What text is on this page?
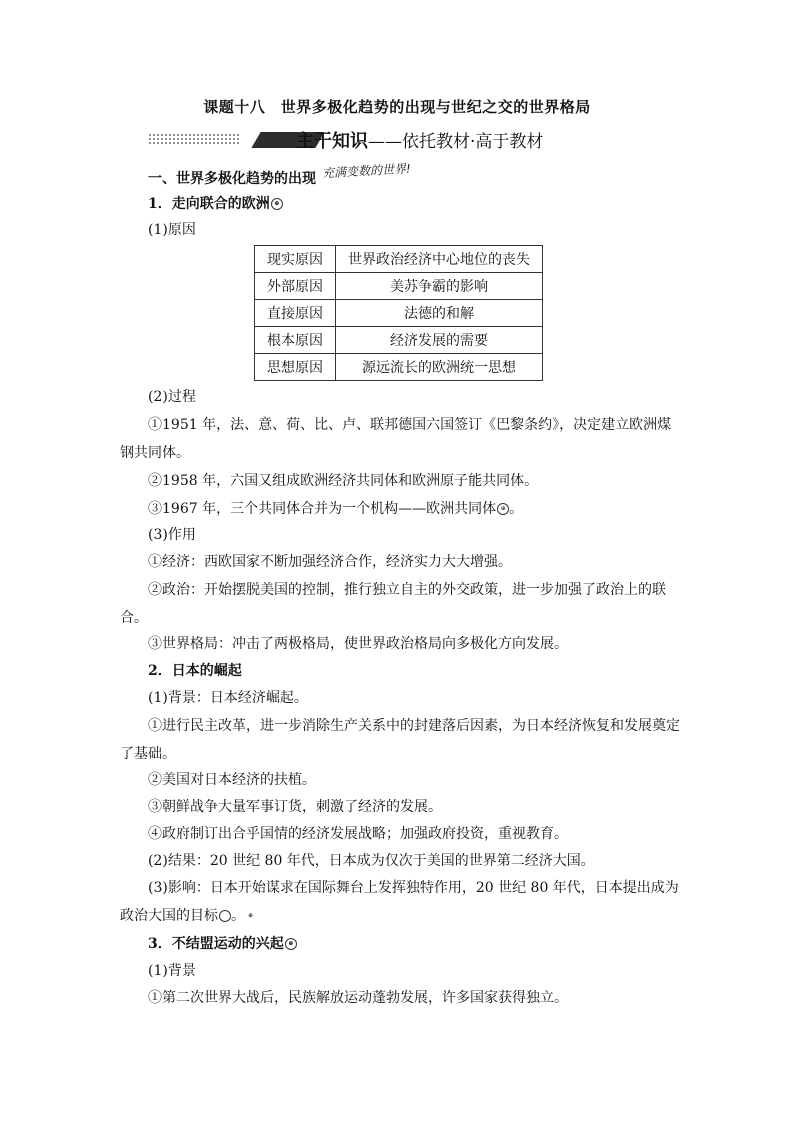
课题十八　世界多极化趋势的出现与世纪之交的世界格局
主干知识——依托教材·高于教材
一、世界多极化趋势的出现 充满变数的世界!
1．走向联合的欧洲 ⊕
(1)原因
现实原因	世界政治经济中心地位的丧失
外部原因	美苏争霸的影响
直接原因	法德的和解
根本原因	经济发展的需要
思想原因	源远流长的欧洲统一思想
(2)过程
①1951 年，法、意、荷、比、卢、联邦德国六国签订《巴黎条约》，决定建立欧洲煤钢共同体。
②1958 年，六国又组成欧洲经济共同体和欧洲原子能共同体。
③1967 年，三个共同体合并为一个机构——欧洲共同体 ⊕ 。
(3)作用
①经济：西欧国家不断加强经济合作，经济实力大大增强。
②政治：开始摆脱美国的控制，推行独立自主的外交政策，进一步加强了政治上的联合。
③世界格局：冲击了两极格局，使世界政治格局向多极化方向发展。
2．日本的崛起
(1)背景：日本经济崛起。
①进行民主改革，进一步消除生产关系中的封建落后因素，为日本经济恢复和发展奠定了基础。
②美国对日本经济的扶植。
③朝鲜战争大量军事订货，刺激了经济的发展。
④政府制订出合乎国情的经济发展战略；加强政府投资，重视教育。
(2)结果：20 世纪 80 年代，日本成为仅次于美国的世界第二经济大国。
(3)影响：日本开始谋求在国际舞台上发挥独特作用，20 世纪 80 年代，日本提出成为政治大国的目标	⊕。
3．不结盟运动的兴起 ⊕
(1)背景
①第二次世界大战后，民族解放运动蓬勃发展，许多国家获得独立。
